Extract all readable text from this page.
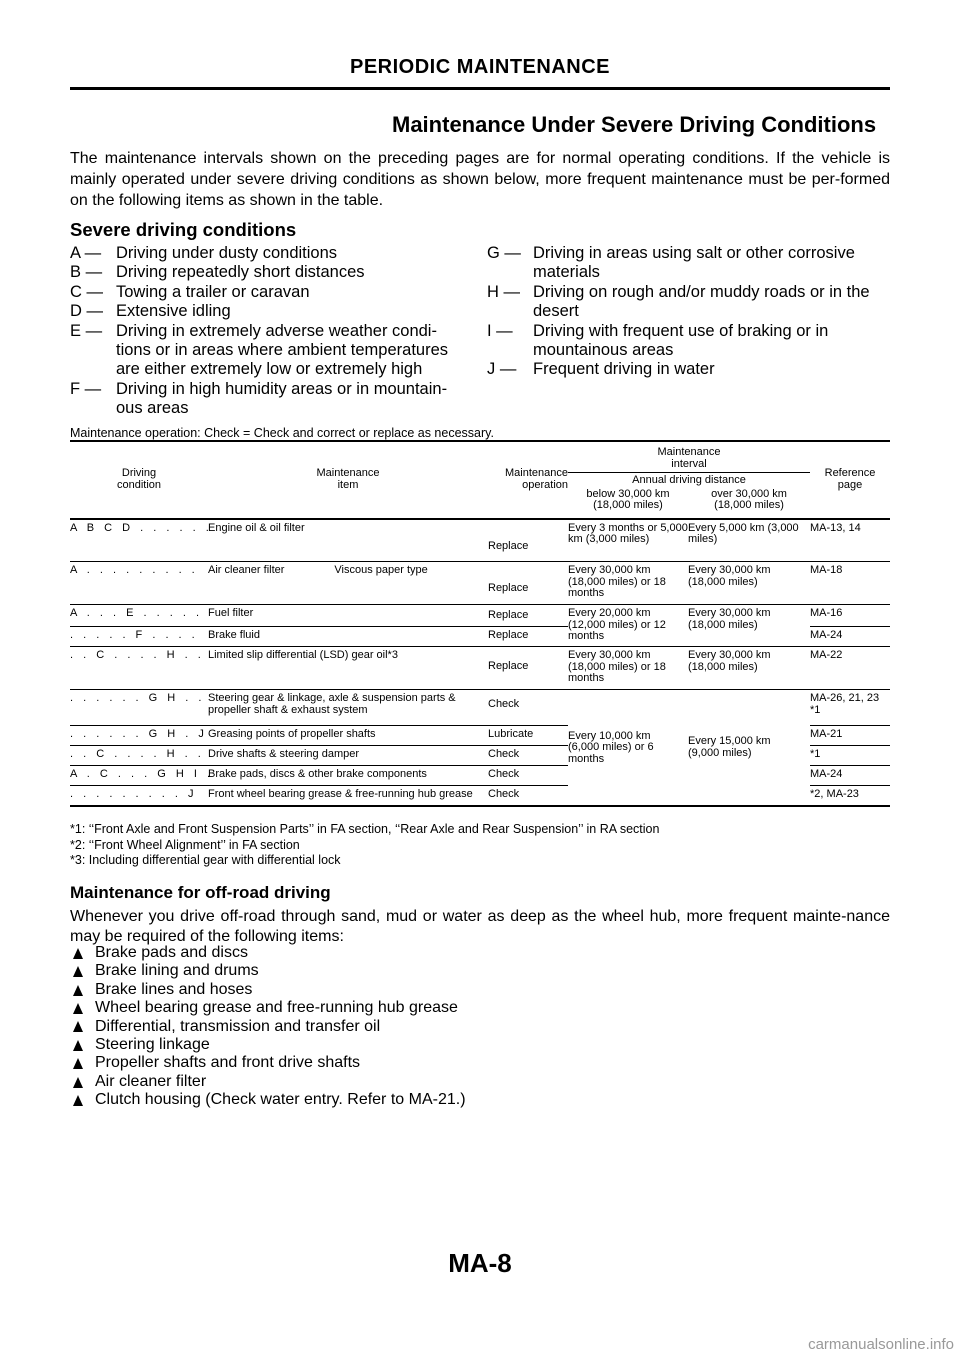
PERIODIC MAINTENANCE
Maintenance Under Severe Driving Conditions

The maintenance intervals shown on the preceding pages are for normal operating conditions. If the vehicle is mainly operated under severe driving conditions as shown below, more frequent maintenance must be per-formed on the following items as shown in the table.

Severe driving conditions
A — Driving under dusty conditions
B — Driving repeatedly short distances
C — Towing a trailer or caravan
D — Extensive idling
E — Driving in extremely adverse weather condi-tions or in areas where ambient temperatures are either extremely low or extremely high
F — Driving in high humidity areas or in mountain-ous areas
G — Driving in areas using salt or other corrosive materials
H — Driving on rough and/or muddy roads or in the desert
I —	Driving with frequent use of braking or in mountainous areas
J —	Frequent driving in water
Maintenance operation: Check = Check and correct or replace as necessary.
Driving condition	Maintenance item	Maintenance operation	Maintenance interval		Reference page
			Annual driving distance		
			below 30,000 km (18,000 miles)	over 30,000 km (18,000 miles)	
A B C D . . . . . .	Engine oil & oil filter	Replace	Every 3 months or 5,000 km (3,000 miles)	Every 5,000 km (3,000 miles)	MA-13, 14
A . . . . . . . . .	Air cleaner filter Viscous paper type	Replace	Every 30,000 km (18,000 miles) or 18 months	Every 30,000 km (18,000 miles)	MA-18
A . . . E . . . . .	Fuel filter	Replace	Every 20,000 km (12,000 miles) or 12 months	Every 30,000 km (18,000 miles)	MA-16
. . . . . F . . . .	Brake fluid	Replace			MA-24
. . C . . . . H . .	Limited slip differential (LSD) gear oil*3	Replace	Every 30,000 km (18,000 miles) or 18 months	Every 30,000 km (18,000 miles)	MA-22
. . . . . . G H . .	Steering gear & linkage, axle & suspension parts & propeller shaft & exhaust system	Check	Every 10,000 km (6,000 miles) or 6 months	Every 15,000 km (9,000 miles)	MA-26, 21, 23 *1
. . . . . . G H . J	Greasing points of propeller shafts	Lubricate			MA-21
. . C . . . . H . .	Drive shafts & steering damper	Check			*1
A . C . . . G H I .	Brake pads, discs & other brake components	Check			MA-24
. . . . . . . . . J	Front wheel bearing grease & free-running hub grease	Check			*2, MA-23
*1: ‘‘Front Axle and Front Suspension Parts’’ in FA section, ‘‘Rear Axle and Rear Suspension’’ in RA section
*2: ‘‘Front Wheel Alignment’’ in FA section
*3: Including differential gear with differential lock
Maintenance for off-road driving

Whenever you drive off-road through sand, mud or water as deep as the wheel hub, more frequent mainte-nance may be required of the following items:

Brake pads and discs
Brake lining and drums
Brake lines and hoses
Wheel bearing grease and free-running hub grease
Differential, transmission and transfer oil
Steering linkage
Propeller shafts and front drive shafts
Air cleaner filter
Clutch housing (Check water entry. Refer to MA-21.)
MA-8
carmanualsonline.info
